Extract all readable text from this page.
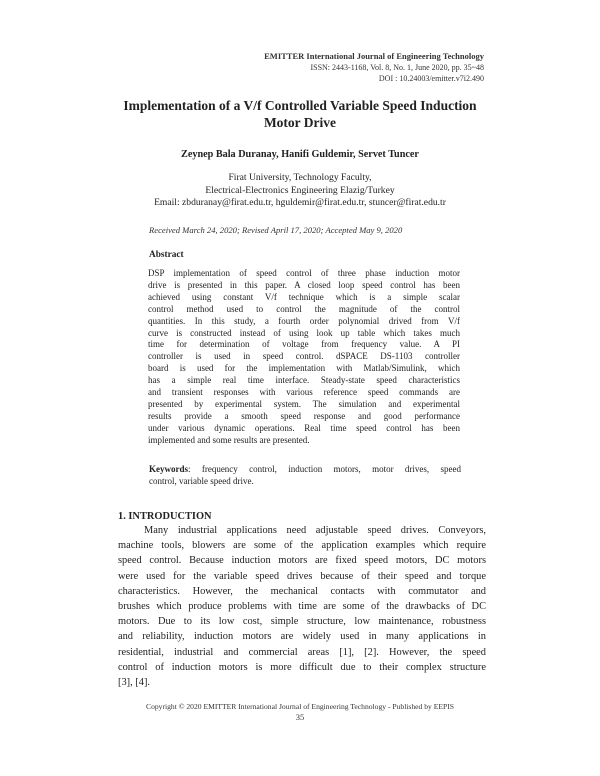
EMITTER International Journal of Engineering Technology
ISSN: 2443-1168, Vol. 8, No. 1, June 2020, pp. 35~48
DOI : 10.24003/emitter.v7i2.490
Implementation of a V/f Controlled Variable Speed Induction
Motor Drive
Zeynep Bala Duranay, Hanifi Guldemir, Servet Tuncer
Firat University, Technology Faculty,
Electrical-Electronics Engineering Elazig/Turkey
Email: zbduranay@firat.edu.tr, hguldemir@firat.edu.tr, stuncer@firat.edu.tr
Received March 24, 2020; Revised April 17, 2020; Accepted May 9, 2020
Abstract
DSP implementation of speed control of three phase induction motor
drive is presented in this paper. A closed loop speed control has been
achieved using constant V/f technique which is a simple scalar
control method used to control the magnitude of the control
quantities. In this study, a fourth order polynomial drived from V/f
curve is constructed instead of using look up table which takes much
time for determination of voltage from frequency value. A PI
controller is used in speed control. dSPACE DS-1103 controller
board is used for the implementation with Matlab/Simulink, which
has a simple real time interface. Steady-state speed characteristics
and transient responses with various reference speed commands are
presented by experimental system. The simulation and experimental
results provide a smooth speed response and good performance
under various dynamic operations. Real time speed control has been
implemented and some results are presented.
Keywords: frequency control, induction motors, motor drives, speed
control, variable speed drive.
1. INTRODUCTION
Many industrial applications need adjustable speed drives. Conveyors,
machine tools, blowers are some of the application examples which require
speed control. Because induction motors are fixed speed motors, DC motors
were used for the variable speed drives because of their speed and torque
characteristics. However, the mechanical contacts with commutator and
brushes which produce problems with time are some of the drawbacks of DC
motors. Due to its low cost, simple structure, low maintenance, robustness
and reliability, induction motors are widely used in many applications in
residential, industrial and commercial areas [1], [2]. However, the speed
control of induction motors is more difficult due to their complex structure
[3], [4].
Copyright © 2020 EMITTER International Journal of Engineering Technology - Published by EEPIS
35
